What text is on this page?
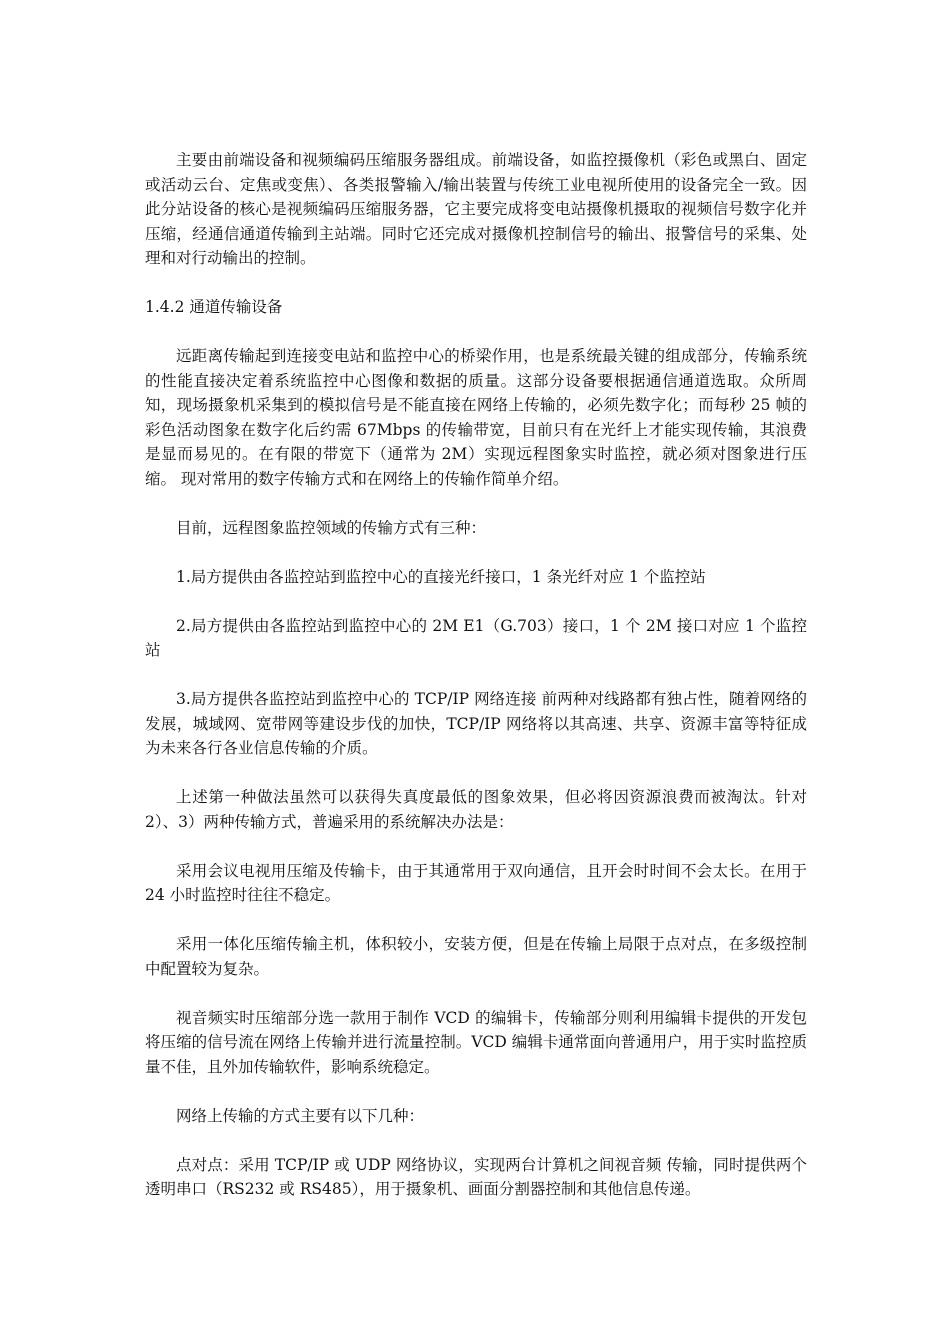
主要由前端设备和视频编码压缩服务器组成。前端设备，如监控摄像机（彩色或黑白、固定或活动云台、定焦或变焦）、各类报警输入/输出装置与传统工业电视所使用的设备完全一致。因此分站设备的核心是视频编码压缩服务器，它主要完成将变电站摄像机摄取的视频信号数字化并压缩，经通信通道传输到主站端。同时它还完成对摄像机控制信号的输出、报警信号的采集、处理和对行动输出的控制。

1.4.2 通道传输设备

远距离传输起到连接变电站和监控中心的桥梁作用，也是系统最关键的组成部分，传输系统的性能直接决定着系统监控中心图像和数据的质量。这部分设备要根据通信通道选取。众所周知，现场摄象机采集到的模拟信号是不能直接在网络上传输的，必须先数字化；而每秒 25 帧的彩色活动图象在数字化后约需 67Mbps 的传输带宽，目前只有在光纤上才能实现传输，其浪费是显而易见的。在有限的带宽下（通常为 2M）实现远程图象实时监控，就必须对图象进行压缩。 现对常用的数字传输方式和在网络上的传输作简单介绍。

目前，远程图象监控领域的传输方式有三种：

1.局方提供由各监控站到监控中心的直接光纤接口，1 条光纤对应 1 个监控站

2.局方提供由各监控站到监控中心的 2M E1（G.703）接口，1 个 2M 接口对应 1 个监控站

3.局方提供各监控站到监控中心的 TCP/IP 网络连接 前两种对线路都有独占性，随着网络的发展，城域网、宽带网等建设步伐的加快，TCP/IP 网络将以其高速、共享、资源丰富等特征成为未来各行各业信息传输的介质。

上述第一种做法虽然可以获得失真度最低的图象效果，但必将因资源浪费而被淘汰。针对 2）、3）两种传输方式，普遍采用的系统解决办法是：

采用会议电视用压缩及传输卡，由于其通常用于双向通信，且开会时时间不会太长。在用于 24 小时监控时往往不稳定。

采用一体化压缩传输主机，体积较小，安装方便，但是在传输上局限于点对点，在多级控制中配置较为复杂。

视音频实时压缩部分选一款用于制作 VCD 的编辑卡，传输部分则利用编辑卡提供的开发包将压缩的信号流在网络上传输并进行流量控制。VCD 编辑卡通常面向普通用户，用于实时监控质量不佳，且外加传输软件，影响系统稳定。

网络上传输的方式主要有以下几种：

点对点：采用 TCP/IP 或 UDP 网络协议，实现两台计算机之间视音频 传输，同时提供两个透明串口（RS232 或 RS485），用于摄象机、画面分割器控制和其他信息传递。
